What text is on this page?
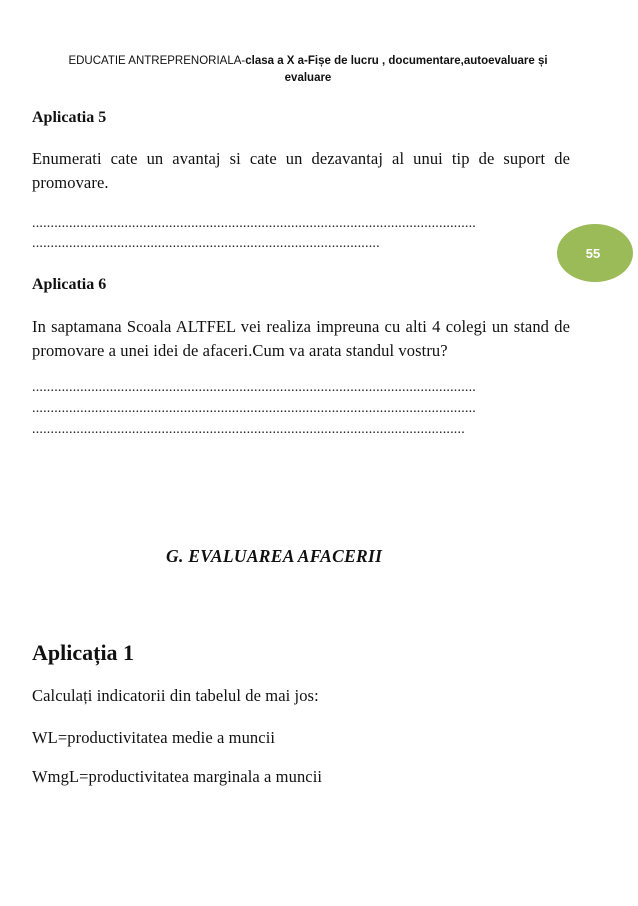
EDUCATIE ANTREPRENORIALA-clasa a X a-Fișe de lucru , documentare,autoevaluare și
evaluare
55
Aplicatia 5
Enumerati cate un avantaj si cate un dezavantaj al unui tip de suport de promovare.
........................................................................................................................
..............................................................................................
Aplicatia 6
In saptamana Scoala ALTFEL vei realiza impreuna cu alti 4 colegi un stand de promovare a unei idei de afaceri.Cum va arata standul vostru?
........................................................................................................................
........................................................................................................................
.....................................................................................................................
G. EVALUAREA AFACERII
Aplicația 1
Calculați indicatorii din tabelul de mai jos:
WL=productivitatea medie a muncii
WmgL=productivitatea marginala a muncii
